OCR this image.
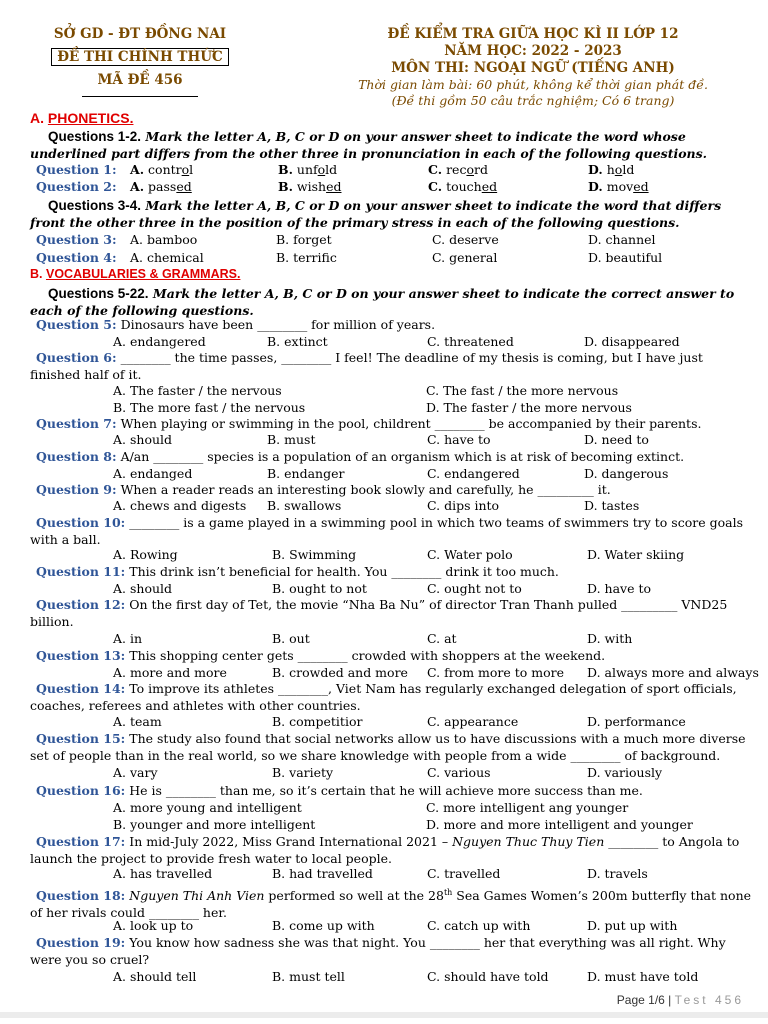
SỞ GD - ĐT ĐỒNG NAI
ĐỀ THI CHÍNH THỨC
MÃ ĐỀ 456
ĐỀ KIỂM TRA GIỮA HỌC KÌ II LỚP 12
NĂM HỌC: 2022 - 2023
MÔN THI: NGOẠI NGỮ (TIẾNG ANH)
Thời gian làm bài: 60 phút, không kể thời gian phát đề.
(Đề thi gồm 50 câu trắc nghiệm; Có 6 trang)
A. PHONETICS.
Questions 1-2. Mark the letter A, B, C or D on your answer sheet to indicate the word whose underlined part differs from the other three in pronunciation in each of the following questions.
Question 1: A. control	B. unfold	C. record	D. hold
Question 2: A. passed	B. wished	C. touched	D. moved
Questions 3-4. Mark the letter A, B, C or D on your answer sheet to indicate the word that differs front the other three in the position of the primary stress in each of the following questions.
Question 3: A. bamboo	B. forget	C. deserve	D. channel
Question 4: A. chemical	B. terrific	C. general	D. beautiful
B. VOCABULARIES & GRAMMARS.
Questions 5-22. Mark the letter A, B, C or D on your answer sheet to indicate the correct answer to each of the following questions.
Question 5: Dinosaurs have been ________ for million of years.
A. endangered	B. extinct	C. threatened	D. disappeared
Question 6: ________ the time passes, ________ I feel! The deadline of my thesis is coming, but I have just finished half of it.
A. The faster / the nervous	C. The fast / the more nervous
B. The more fast / the nervous	D. The faster / the more nervous
Question 7: When playing or swimming in the pool, childrent ________ be accompanied by their parents.
A. should	B. must	C. have to	D. need to
Question 8: A/an ________ species is a population of an organism which is at risk of becoming extinct.
A. endanged	B. endanger	C. endangered	D. dangerous
Question 9: When a reader reads an interesting book slowly and carefully, he _________ it.
A. chews and digests B. swallows	C. dips into	D. tastes
Question 10: ________ is a game played in a swimming pool in which two teams of swimmers try to score goals with a ball.
A. Rowing	B. Swimming	C. Water polo	D. Water skiing
Question 11: This drink isn’t beneficial for health. You ________ drink it too much.
A. should	B. ought to not	C. ought not to	D. have to
Question 12: On the first day of Tet, the movie “Nha Ba Nu” of director Tran Thanh pulled _________ VND25 billion.
A. in	B. out	C. at	D. with
Question 13: This shopping center gets ________ crowded with shoppers at the weekend.
A. more and more	B. crowded and more C. from more to more D. always more and always
Question 14: To improve its athletes ________, Viet Nam has regularly exchanged delegation of sport officials, coaches, referees and athletes with other countries.
A. team	B. competitior	C. appearance	D. performance
Question 15: The study also found that social networks allow us to have discussions with a much more diverse set of people than in the real world, so we share knowledge with people from a wide ________ of background.
A. vary	B. variety	C. various	D. variously
Question 16: He is ________ than me, so it’s certain that he will achieve more success than me.
A. more young and intelligent	C. more intelligent ang younger
B. younger and more intelligent	D. more and more intelligent and younger
Question 17: In mid-July 2022, Miss Grand International 2021 – Nguyen Thuc Thuy Tien ________ to Angola to launch the project to provide fresh water to local people.
A. has travelled	B. had travelled	C. travelled	D. travels
Question 18: Nguyen Thi Anh Vien performed so well at the 28th Sea Games Women’s 200m butterfly that none of her rivals could ________ her.
A. look up to	B. come up with	C. catch up with	D. put up with
Question 19: You know how sadness she was that night. You ________ her that everything was all right. Why were you so cruel?
A. should tell	B. must tell	C. should have told	D. must have told
Page 1/6 | Test 456
